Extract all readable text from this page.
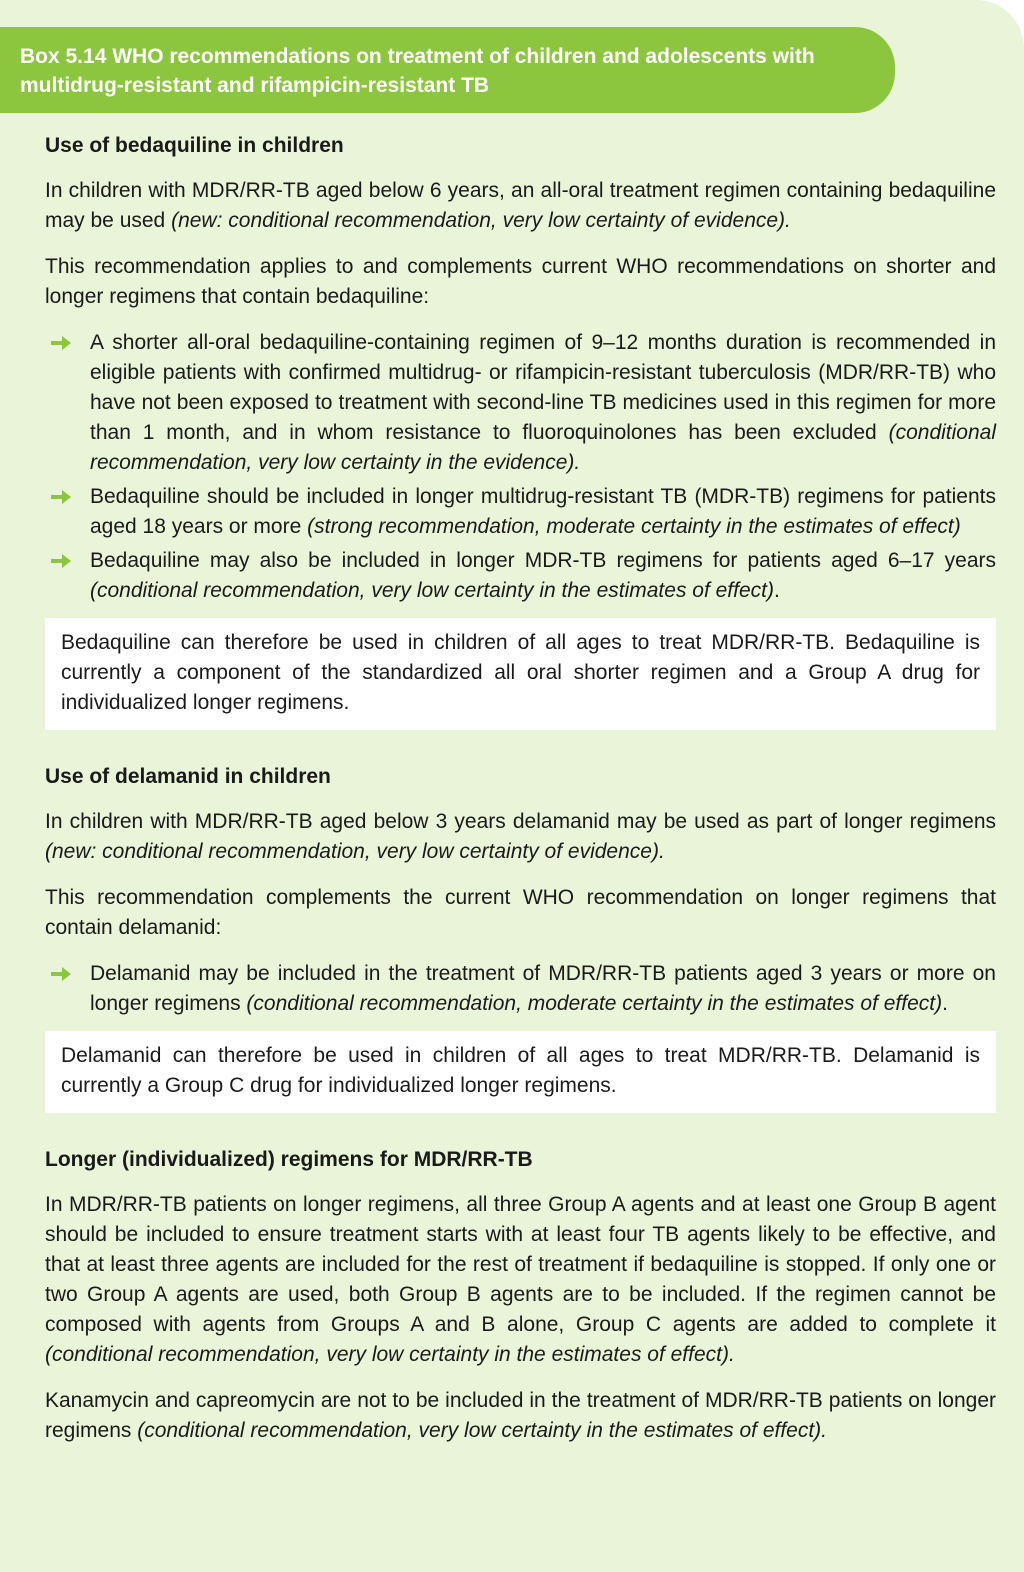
Box 5.14 WHO recommendations on treatment of children and adolescents with multidrug-resistant and rifampicin-resistant TB
Use of bedaquiline in children

In children with MDR/RR-TB aged below 6 years, an all-oral treatment regimen containing bedaquiline may be used (new: conditional recommendation, very low certainty of evidence).

This recommendation applies to and complements current WHO recommendations on shorter and longer regimens that contain bedaquiline:

A shorter all-oral bedaquiline-containing regimen of 9–12 months duration is recommended in eligible patients with confirmed multidrug- or rifampicin-resistant tuberculosis (MDR/RR-TB) who have not been exposed to treatment with second-line TB medicines used in this regimen for more than 1 month, and in whom resistance to fluoroquinolones has been excluded (conditional recommendation, very low certainty in the evidence).
Bedaquiline should be included in longer multidrug-resistant TB (MDR-TB) regimens for patients aged 18 years or more (strong recommendation, moderate certainty in the estimates of effect)
Bedaquiline may also be included in longer MDR-TB regimens for patients aged 6–17 years (conditional recommendation, very low certainty in the estimates of effect).

Bedaquiline can therefore be used in children of all ages to treat MDR/RR-TB. Bedaquiline is currently a component of the standardized all oral shorter regimen and a Group A drug for individualized longer regimens.

Use of delamanid in children

In children with MDR/RR-TB aged below 3 years delamanid may be used as part of longer regimens (new: conditional recommendation, very low certainty of evidence).

This recommendation complements the current WHO recommendation on longer regimens that contain delamanid:

Delamanid may be included in the treatment of MDR/RR-TB patients aged 3 years or more on longer regimens (conditional recommendation, moderate certainty in the estimates of effect).

Delamanid can therefore be used in children of all ages to treat MDR/RR-TB. Delamanid is currently a Group C drug for individualized longer regimens.

Longer (individualized) regimens for MDR/RR-TB

In MDR/RR-TB patients on longer regimens, all three Group A agents and at least one Group B agent should be included to ensure treatment starts with at least four TB agents likely to be effective, and that at least three agents are included for the rest of treatment if bedaquiline is stopped. If only one or two Group A agents are used, both Group B agents are to be included. If the regimen cannot be composed with agents from Groups A and B alone, Group C agents are added to complete it (conditional recommendation, very low certainty in the estimates of effect).

Kanamycin and capreomycin are not to be included in the treatment of MDR/RR-TB patients on longer regimens (conditional recommendation, very low certainty in the estimates of effect).
